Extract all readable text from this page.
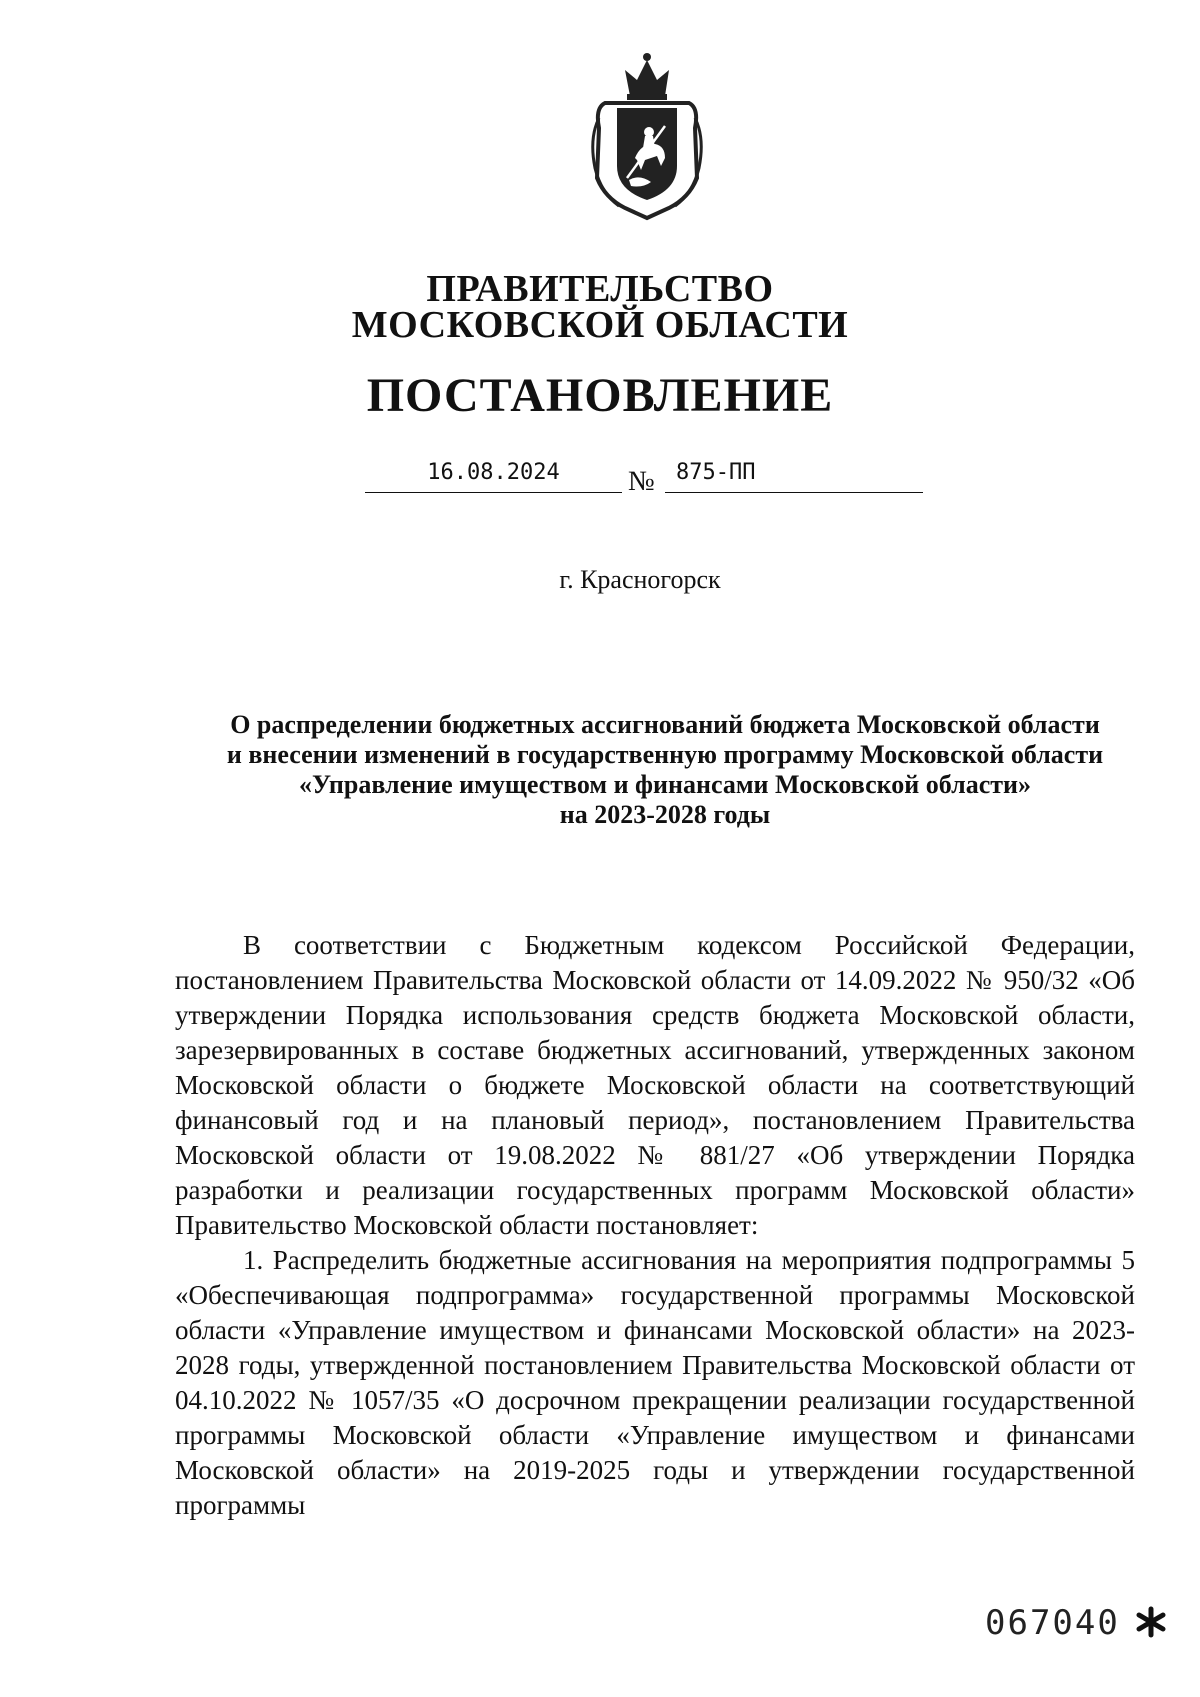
ПРАВИТЕЛЬСТВО
МОСКОВСКОЙ ОБЛАСТИ
ПОСТАНОВЛЕНИЕ
16.08.2024	№ 875-ПП
г. Красногорск
О распределении бюджетных ассигнований бюджета Московской области
и внесении изменений в государственную программу Московской области
«Управление имуществом и финансами Московской области»
на 2023-2028 годы

В соответствии с Бюджетным кодексом Российской Федерации, постановлением Правительства Московской области от 14.09.2022 № 950/32 «Об утверждении Порядка использования средств бюджета Московской области, зарезервированных в составе бюджетных ассигнований, утвержденных законом Московской области о бюджете Московской области на соответствующий финансовый год и на плановый период», постановлением Правительства Московской области от 19.08.2022 № 881/27 «Об утверждении Порядка разработки и реализации государственных программ Московской области» Правительство Московской области постановляет:

1. Распределить бюджетные ассигнования на мероприятия подпрограммы 5 «Обеспечивающая подпрограмма» государственной программы Московской области «Управление имуществом и финансами Московской области» на 2023-2028 годы, утвержденной постановлением Правительства Московской области от 04.10.2022 № 1057/35 «О досрочном прекращении реализации государственной программы Московской области «Управление имуществом и финансами Московской области» на 2019-2025 годы и утверждении государственной программы

067040
